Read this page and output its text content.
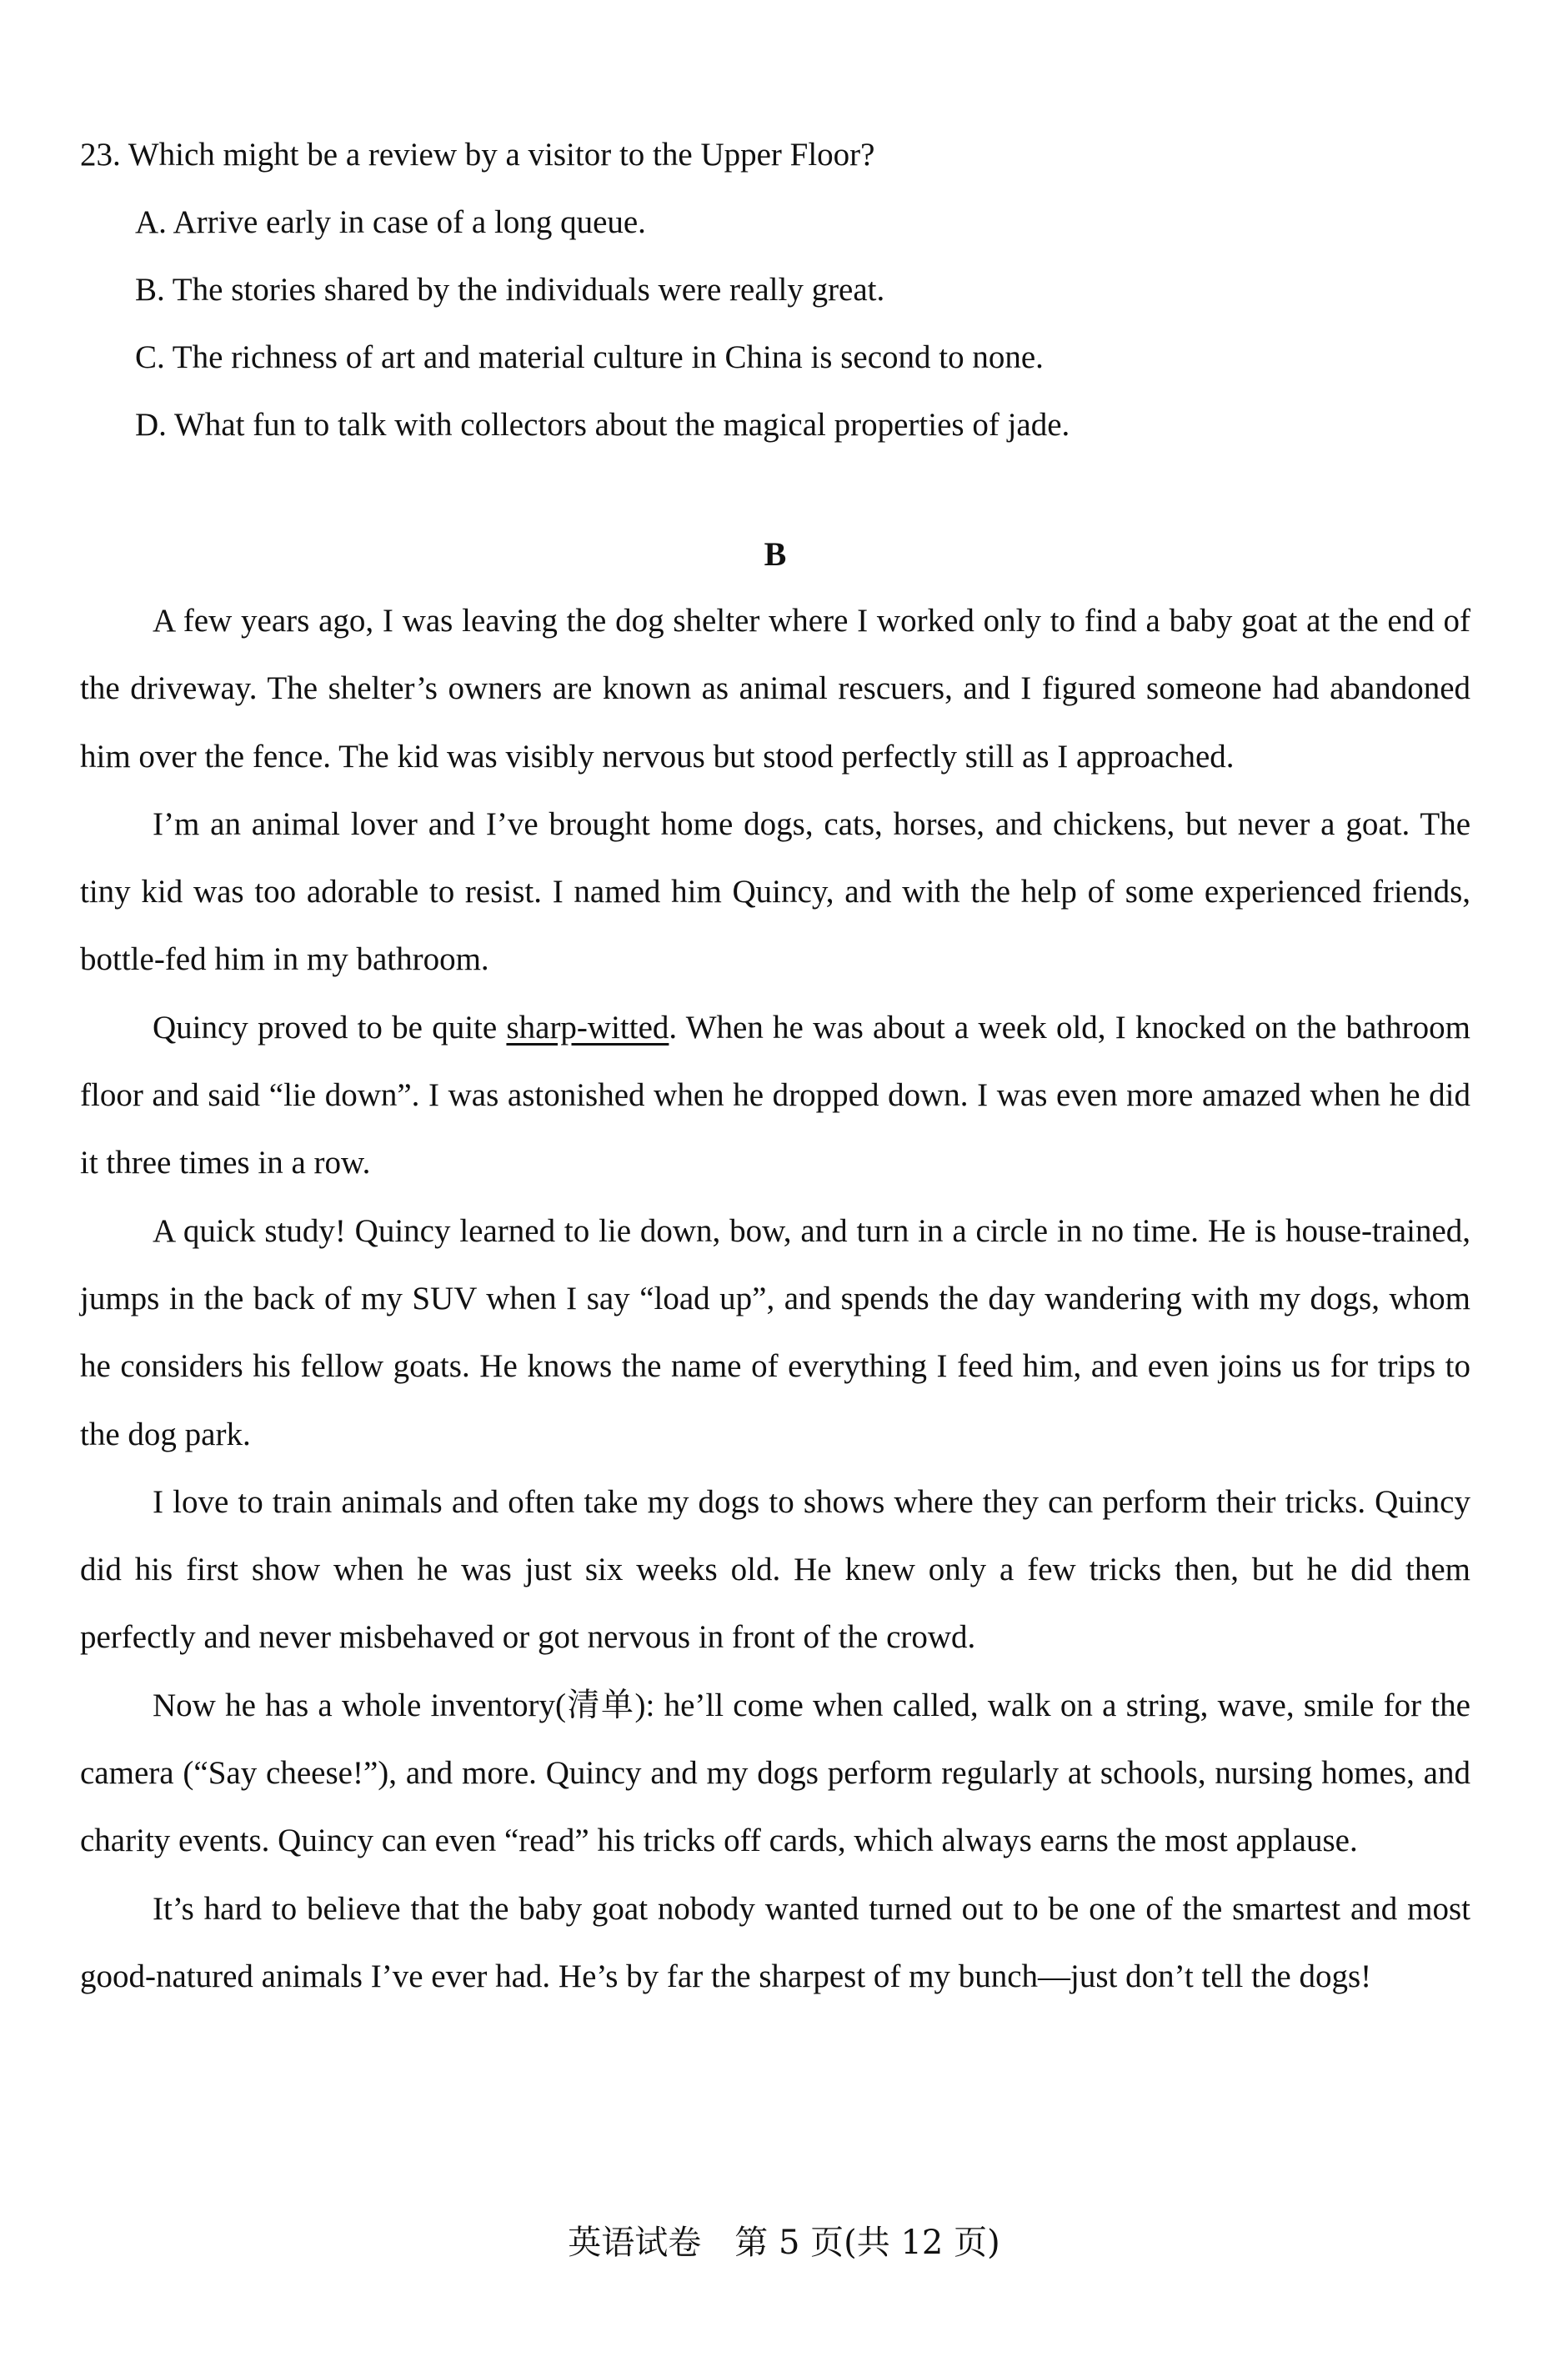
23. Which might be a review by a visitor to the Upper Floor?
A. Arrive early in case of a long queue.
B. The stories shared by the individuals were really great.
C. The richness of art and material culture in China is second to none.
D. What fun to talk with collectors about the magical properties of jade.
B

A few years ago, I was leaving the dog shelter where I worked only to find a baby goat at the end of the driveway. The shelter’s owners are known as animal rescuers, and I figured someone had abandoned him over the fence. The kid was visibly nervous but stood perfectly still as I approached.

I’m an animal lover and I’ve brought home dogs, cats, horses, and chickens, but never a goat. The tiny kid was too adorable to resist. I named him Quincy, and with the help of some experienced friends, bottle-fed him in my bathroom.

Quincy proved to be quite sharp-witted. When he was about a week old, I knocked on the bathroom floor and said “lie down”. I was astonished when he dropped down. I was even more amazed when he did it three times in a row.

A quick study! Quincy learned to lie down, bow, and turn in a circle in no time. He is house-trained, jumps in the back of my SUV when I say “load up”, and spends the day wandering with my dogs, whom he considers his fellow goats. He knows the name of everything I feed him, and even joins us for trips to the dog park.

I love to train animals and often take my dogs to shows where they can perform their tricks. Quincy did his first show when he was just six weeks old. He knew only a few tricks then, but he did them perfectly and never misbehaved or got nervous in front of the crowd.

Now he has a whole inventory(清单): he’ll come when called, walk on a string, wave, smile for the camera (“Say cheese!”), and more. Quincy and my dogs perform regularly at schools, nursing homes, and charity events. Quincy can even “read” his tricks off cards, which always earns the most applause.

It’s hard to believe that the baby goat nobody wanted turned out to be one of the smartest and most good-natured animals I’ve ever had. He’s by far the sharpest of my bunch—just don’t tell the dogs!

英语试卷　第 5 页(共 12 页)
